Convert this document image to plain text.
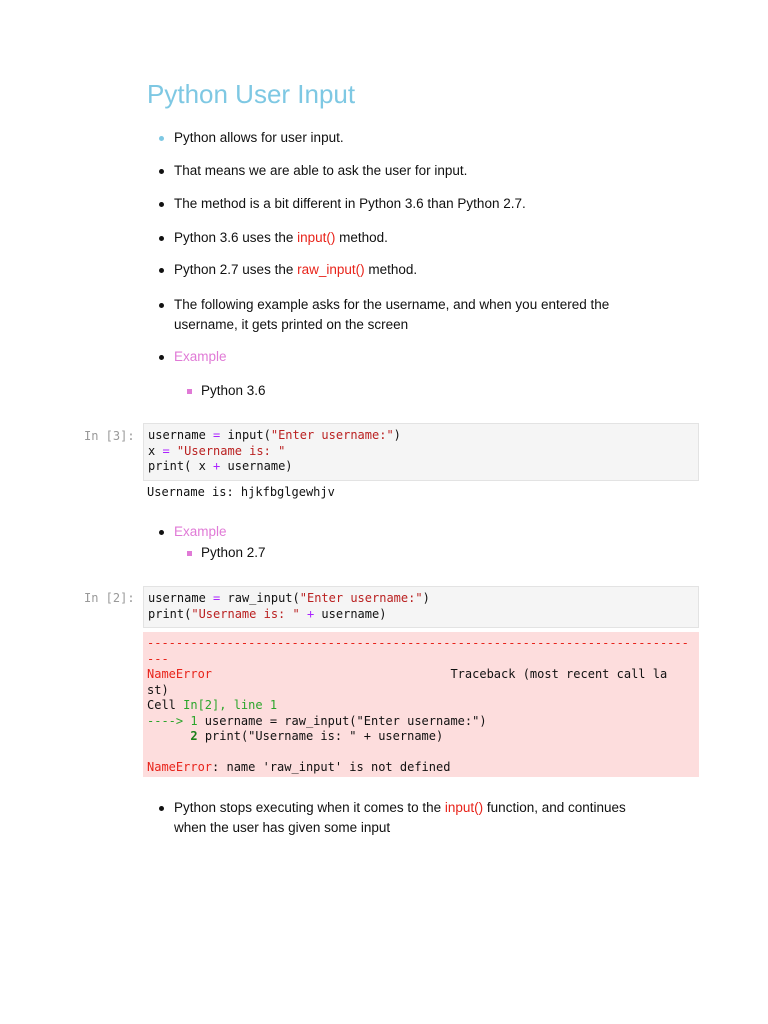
Python User Input
Python allows for user input.
That means we are able to ask the user for input.
The method is a bit different in Python 3.6 than Python 2.7.
Python 3.6 uses the input() method.
Python 2.7 uses the raw_input() method.
The following example asks for the username, and when you entered the
username, it gets printed on the screen
Example
Python 3.6
In [3]:	username = input("Enter username:")
x = "Username is: "
print( x + username)
Username is: hjkfbglgewhjv
Example
Python 2.7
In [2]:	username = raw_input("Enter username:")
print("Username is: " + username)
---------------------------------------------------------------------------
---
NameError	Traceback (most recent call la
st)
Cell In[2], line 1
----> 1 username = raw_input("Enter username:")
2 print("Username is: " + username)

NameError: name 'raw_input' is not defined
Python stops executing when it comes to the input() function, and continues
when the user has given some input
